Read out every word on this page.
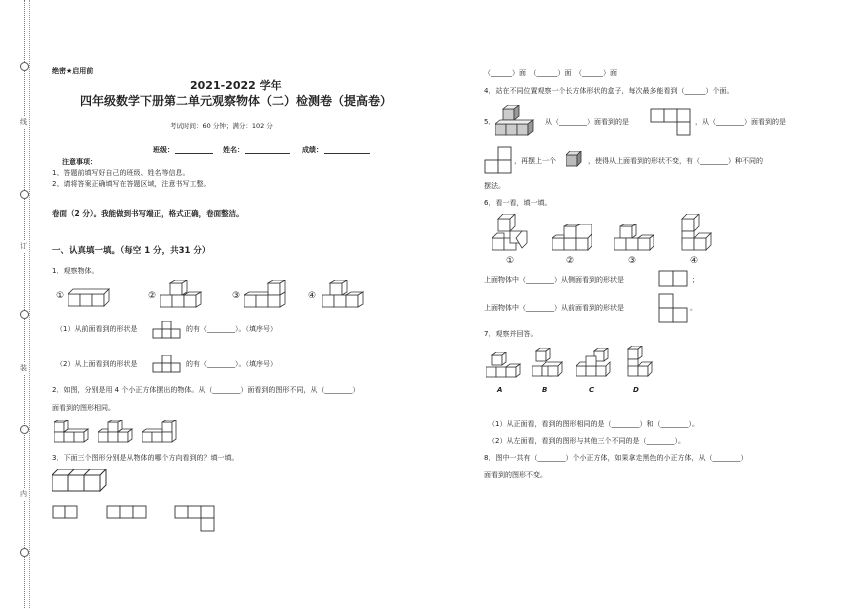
线
订
装
内
绝密★启用前
2021-2022 学年
四年级数学下册第二单元观察物体（二）检测卷（提高卷）
考试时间：60 分钟；满分：102 分
班级：	姓名：	成绩：
注意事项：
1、答题前填写好自己的班级、姓名等信息。
2、请将答案正确填写在答题区域，注意书写工整。
卷面（2 分）。我能做到书写端正，格式正确，卷面整洁。
一、认真填一填。（每空 1 分，共31 分）
1．观察物体。
①	②	③	④
（1）从前面看到的形状是	的有（________）。（填序号）
（2）从上面看到的形状是	的有（________）。（填序号）
2．如图，分别是用 4 个小正方体摆出的物体。从（________）面看到的图形不同，从（________）
面看到的图形相同。
3．下面三个图形分别是从物体的哪个方向看到的？填一填。
（______）面　（______）面　（______）面
4．站在不同位置观察一个长方体形状的盒子，每次最多能看到（______）个面。
5．	从（________）面看到的是	，从（________）面看到的是
，再摆上一个	，使得从上面看到的形状不变，有（________）种不同的
摆法。
6．看一看，填一填。
①	②	③	④
上面物体中（________）从侧面看到的形状是	；
上面物体中（________）从前面看到的形状是	。
7．观察并回答。
A	B	C	D
（1）从正面看，看到的图形相同的是（________）和（________）。
（2）从左面看，看到的图形与其他三个不同的是（________）。
8．图中一共有（________）个小正方体，如果拿走黑色的小正方体，从（________）
面看到的图形不变。
